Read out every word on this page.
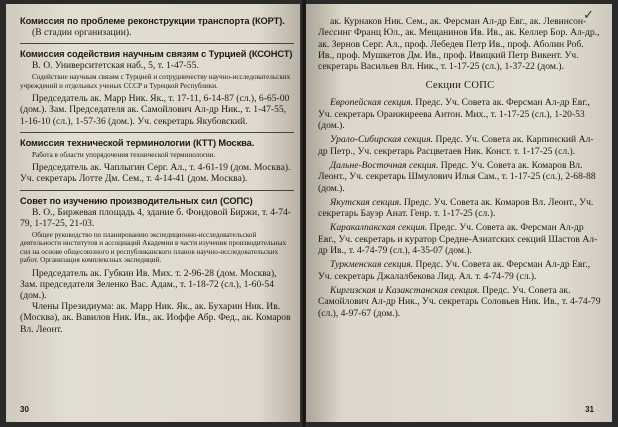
Комиссия по проблеме реконструкции транспорта (КОРТ).
(В стадии организации).
Комиссия содействия научным связям с Турцией (КСОНСТ)
В. О. Университетская наб., 5, т. 1-47-55.
Содействие научным связям с Турцией и сотрудничеству научно-исследовательских учреждений и отдельных ученых СССР и Турецкой Республики.
Председатель ак. Марр Ник. Як., т. 17-11, 6-14-87 (сл.), 6-65-00 (дом.). Зам. Председателя ак. Самойлович Ал-др Ник., т. 1-47-55, 1-16-10 (сл.), 1-57-36 (дом.). Уч. секретарь Якубовский.
Комиссия технической терминологии (КТТ) Москва.
Работа в области упорядочения технической терминологии.
Председатель ак. Чаплыгин Серг. Ал., т. 4-61-19 (дом. Москва). Уч. секретарь Лотте Дм. Сем., т. 4-14-41 (дом. Москва).
Совет по изучению производительных сил (СОПС)
В. О., Биржевая площадь 4, здание б. Фондовой Биржи, т. 4-74-79, 1-17-25, 21-03.
Общее руководство по планированию экспедиционно-исследовательской деятельности институтов и ассоциаций Академии в части изучения производительных сил на основе общесоюзного и республиканского планов научно-исследовательских работ. Организация комплексных экспедиций.
Председатель ак. Губкин Ив. Мих. т. 2-96-28 (дом. Москва), Зам. председателя Зеленко Вас. Адам., т. 1-18-72 (сл.), 1-60-54 (дом.).
Члены Президиума: ак. Марр Ник. Як., ак. Бухарин Ник. Ив. (Москва), ак. Вавилов Ник. Ив., ак. Иоффе Абр. Фед., ак. Комаров Вл. Леонт.
30
✓
ак. Курнаков Ник. Сем., ак. Ферсман Ал-др Евг., ак. Левинсон-Лессинг Франц Юл., ак. Мещанинов Ив. Ив., ак. Келлер Бор. Ал-др., ак. Зернов Серг. Ал., проф. Лебедев Петр Ив., проф. Аболин Роб. Ив., проф. Мушкетов Дм. Ив., проф. Ивицкий Петр Викент. Уч. секретарь Васильев Вл. Ник., т. 1-17-25 (сл.), 1-37-22 (дом.).
Секции СОПС
Европейская секция. Предс. Уч. Совета ак. Ферсман Ал-др Евг., Уч. секретарь Оранжиреева Антон. Мих., т. 1-17-25 (сл.), 1-20-53 (дом.).
Урало-Сибирская секция. Предс. Уч. Совета ак. Карпинский Ал-др Петр., Уч. секретарь Расцветаев Ник. Конст. т. 1-17-25 (сл.).
Дальне-Восточная секция. Предс. Уч. Совета ак. Комаров Вл. Леонт., Уч. секретарь Шмулович Илья Сам., т. 1-17-25 (сл.), 2-68-88 (дом.).
Якутская секция. Предс. Уч. Совета ак. Комаров Вл. Леонт., Уч. секретарь Бауэр Анат. Генр. т. 1-17-25 (сл.).
Каракалпакская секция. Предс. Уч. Совета ак. Ферсман Ал-др Евг., Уч. секретарь и куратор Средне-Азиатских секций Шастов Ал-др Ив., т. 4-74-79 (сл.), 4-35-07 (дом.).
Туркменская секция. Предс. Уч. Совета ак. Ферсман Ал-др Евг., Уч. секретарь Джалалбекова Лид. Ал. т. 4-74-79 (сл.).
Киргизская и Казакстанская секция. Предс. Уч. Совета ак. Самойлович Ал-др Ник., Уч. секретарь Соловьев Ник. Ив., т. 4-74-79 (сл.), 4-97-67 (дом.).
31
